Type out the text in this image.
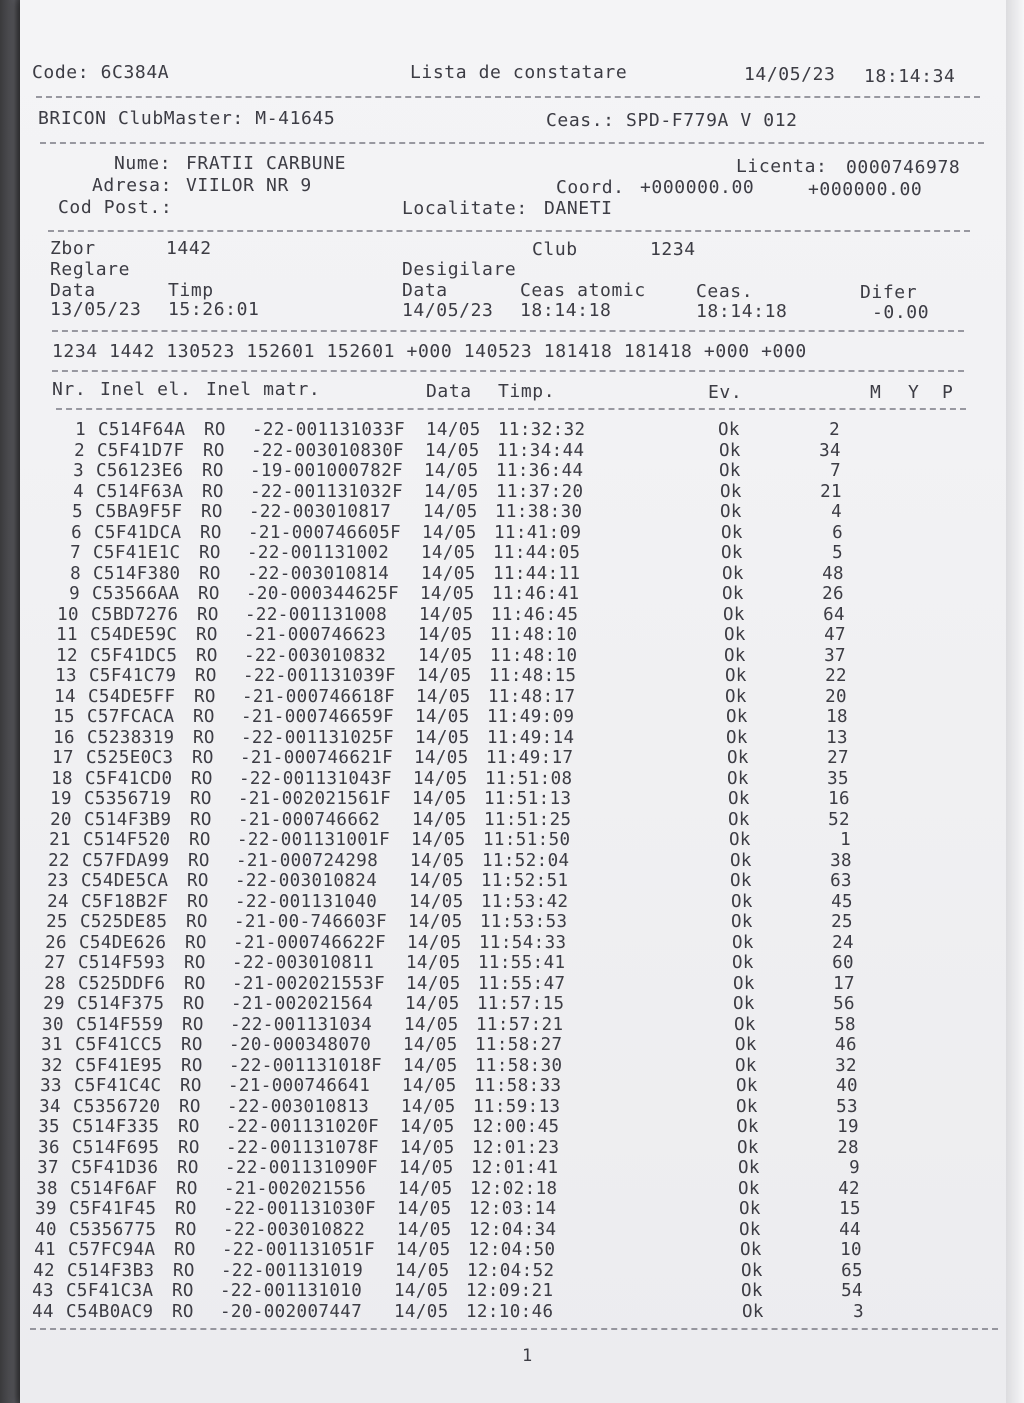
Code: 6C384A	Lista de constatare	14/05/23 18:14:34
BRICON ClubMaster: M-41645	Ceas.: SPD-F779A V 012
Nume: FRATII CARBUNE	Licenta: 0000746978
Adresa: VIILOR NR 9	Coord. +000000.00	+000000.00
Cod Post.:	Localitate: DANETI
Zbor	1442	Club	1234
Reglare	Desigilare
Data	Timp	Data	Ceas atomic	Ceas.	Difer
13/05/23 15:26:01	14/05/23 18:14:18	18:14:18	-0.00
1234 1442 130523 152601 152601 +000 140523 181418 181418 +000 +000
Nr. Inel el. Inel matr.	Data Timp.	Ev.	M Y P
1 C514F64A RO -22-001131033F 14/05 11:32:32	Ok	2
2 C5F41D7F RO -22-003010830F 14/05 11:34:44	Ok	34
3 C56123E6 RO -19-001000782F 14/05 11:36:44	Ok	7
4 C514F63A RO -22-001131032F 14/05 11:37:20	Ok	21
5 C5BA9F5F RO -22-003010817 14/05 11:38:30	Ok	4
6 C5F41DCA RO -21-000746605F 14/05 11:41:09	Ok	6
7 C5F41E1C RO -22-001131002 14/05 11:44:05	Ok	5
8 C514F380 RO -22-003010814 14/05 11:44:11	Ok	48
9 C53566AA RO -20-000344625F 14/05 11:46:41	Ok	26
10 C5BD7276 RO -22-001131008 14/05 11:46:45	Ok	64
11 C54DE59C RO -21-000746623 14/05 11:48:10	Ok	47
12 C5F41DC5 RO -22-003010832 14/05 11:48:10	Ok	37
13 C5F41C79 RO -22-001131039F 14/05 11:48:15	Ok	22
14 C54DE5FF RO -21-000746618F 14/05 11:48:17	Ok	20
15 C57FCACA RO -21-000746659F 14/05 11:49:09	Ok	18
16 C5238319 RO -22-001131025F 14/05 11:49:14	Ok	13
17 C525E0C3 RO -21-000746621F 14/05 11:49:17	Ok	27
18 C5F41CD0 RO -22-001131043F 14/05 11:51:08	Ok	35
19 C5356719 RO -21-002021561F 14/05 11:51:13	Ok	16
20 C514F3B9 RO -21-000746662 14/05 11:51:25	Ok	52
21 C514F520 RO -22-001131001F 14/05 11:51:50	Ok	1
22 C57FDA99 RO -21-000724298 14/05 11:52:04	Ok	38
23 C54DE5CA RO -22-003010824 14/05 11:52:51	Ok	63
24 C5F18B2F RO -22-001131040 14/05 11:53:42	Ok	45
25 C525DE85 RO -21-00-746603F 14/05 11:53:53	Ok	25
26 C54DE626 RO -21-000746622F 14/05 11:54:33	Ok	24
27 C514F593 RO -22-003010811 14/05 11:55:41	Ok	60
28 C525DDF6 RO -21-002021553F 14/05 11:55:47	Ok	17
29 C514F375 RO -21-002021564 14/05 11:57:15	Ok	56
30 C514F559 RO -22-001131034 14/05 11:57:21	Ok	58
31 C5F41CC5 RO -20-000348070 14/05 11:58:27	Ok	46
32 C5F41E95 RO -22-001131018F 14/05 11:58:30	Ok	32
33 C5F41C4C RO -21-000746641 14/05 11:58:33	Ok	40
34 C5356720 RO -22-003010813 14/05 11:59:13	Ok	53
35 C514F335 RO -22-001131020F 14/05 12:00:45	Ok	19
36 C514F695 RO -22-001131078F 14/05 12:01:23	Ok	28
37 C5F41D36 RO -22-001131090F 14/05 12:01:41	Ok	9
38 C514F6AF RO -21-002021556 14/05 12:02:18	Ok	42
39 C5F41F45 RO -22-001131030F 14/05 12:03:14	Ok	15
40 C5356775 RO -22-003010822 14/05 12:04:34	Ok	44
41 C57FC94A RO -22-001131051F 14/05 12:04:50	Ok	10
42 C514F3B3 RO -22-001131019 14/05 12:04:52	Ok	65
43 C5F41C3A RO -22-001131010 14/05 12:09:21	Ok	54
44 C54B0AC9 RO -20-002007447 14/05 12:10:46	Ok	3
1
